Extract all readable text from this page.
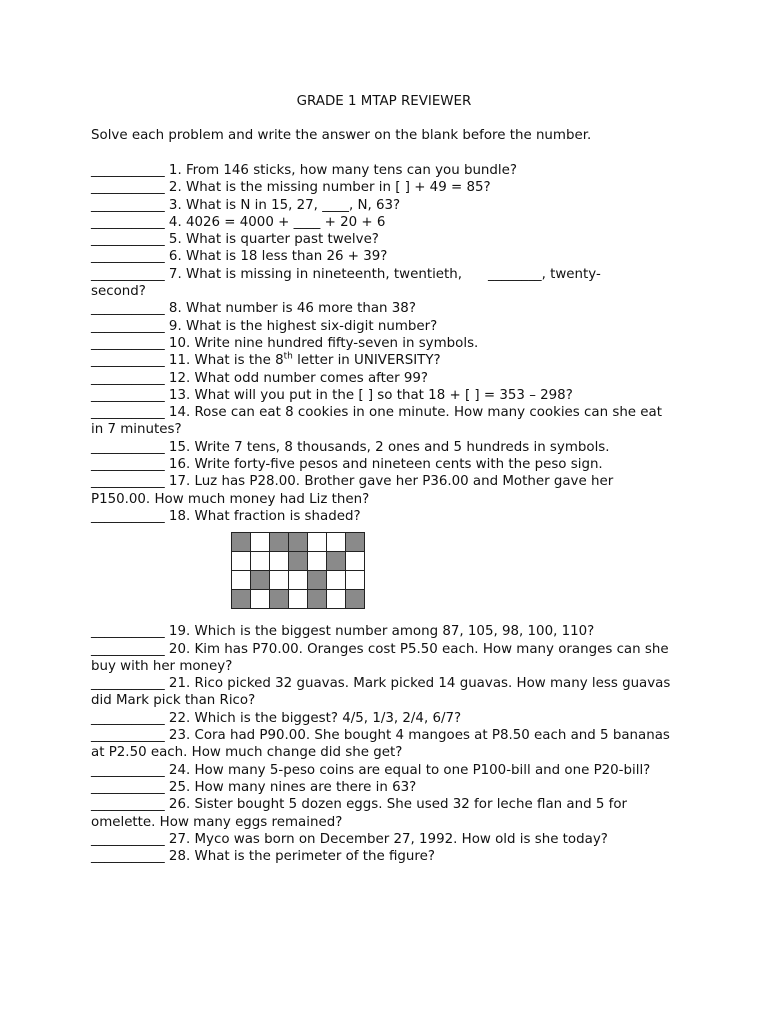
GRADE 1 MTAP REVIEWER
Solve each problem and write the answer on the blank before the number.
___________ 1. From 146 sticks, how many tens can you bundle?
___________ 2. What is the missing number in [ ] + 49 = 85?
___________ 3. What is N in 15, 27, ____, N, 63?
___________ 4. 4026 = 4000 + ____ + 20 + 6
___________ 5. What is quarter past twelve?
___________ 6. What is 18 less than 26 + 39?
___________ 7. What is missing in nineteenth, twentieth, ________, twenty-
second?
___________ 8. What number is 46 more than 38?
___________ 9. What is the highest six-digit number?
___________ 10. Write nine hundred fifty-seven in symbols.
___________ 11. What is the 8th letter in UNIVERSITY?
___________ 12. What odd number comes after 99?
___________ 13. What will you put in the [ ] so that 18 + [ ] = 353 – 298?
___________ 14. Rose can eat 8 cookies in one minute. How many cookies can she eat in 7 minutes?
___________ 15. Write 7 tens, 8 thousands, 2 ones and 5 hundreds in symbols.
___________ 16. Write forty-five pesos and nineteen cents with the peso sign.
___________ 17. Luz has P28.00. Brother gave her P36.00 and Mother gave her P150.00. How much money had Liz then?
___________ 18. What fraction is shaded?
___________ 19. Which is the biggest number among 87, 105, 98, 100, 110?
___________ 20. Kim has P70.00. Oranges cost P5.50 each. How many oranges can she buy with her money?
___________ 21. Rico picked 32 guavas. Mark picked 14 guavas. How many less guavas did Mark pick than Rico?
___________ 22. Which is the biggest? 4/5, 1/3, 2/4, 6/7?
___________ 23. Cora had P90.00. She bought 4 mangoes at P8.50 each and 5 bananas at P2.50 each. How much change did she get?
___________ 24. How many 5-peso coins are equal to one P100-bill and one P20-bill?
___________ 25. How many nines are there in 63?
___________ 26. Sister bought 5 dozen eggs. She used 32 for leche flan and 5 for omelette. How many eggs remained?
___________ 27. Myco was born on December 27, 1992. How old is she today?
___________ 28. What is the perimeter of the figure?
